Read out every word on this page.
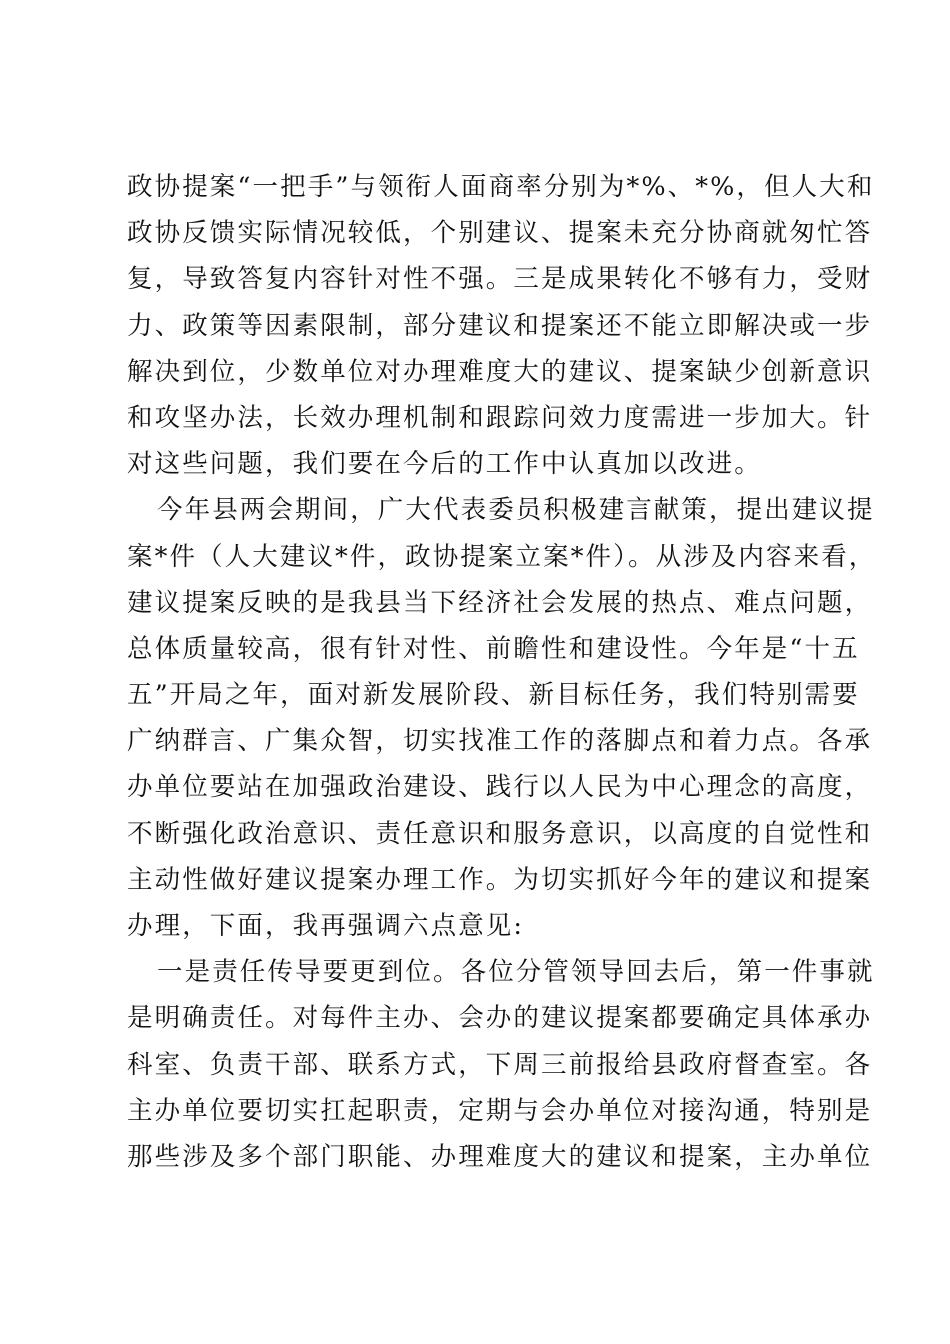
政协提案“一把手”与领衔人面商率分别为*%、*%，但人大和
政协反馈实际情况较低，个别建议、提案未充分协商就匆忙答
复，导致答复内容针对性不强。三是成果转化不够有力，受财
力、政策等因素限制，部分建议和提案还不能立即解决或一步
解决到位，少数单位对办理难度大的建议、提案缺少创新意识
和攻坚办法，长效办理机制和跟踪问效力度需进一步加大。针
对这些问题，我们要在今后的工作中认真加以改进。
今年县两会期间，广大代表委员积极建言献策，提出建议提
案*件（人大建议*件，政协提案立案*件）。从涉及内容来看，
建议提案反映的是我县当下经济社会发展的热点、难点问题，
总体质量较高，很有针对性、前瞻性和建设性。今年是“十五
五”开局之年，面对新发展阶段、新目标任务，我们特别需要
广纳群言、广集众智，切实找准工作的落脚点和着力点。各承
办单位要站在加强政治建设、践行以人民为中心理念的高度，
不断强化政治意识、责任意识和服务意识，以高度的自觉性和
主动性做好建议提案办理工作。为切实抓好今年的建议和提案
办理，下面，我再强调六点意见:
一是责任传导要更到位。各位分管领导回去后，第一件事就
是明确责任。对每件主办、会办的建议提案都要确定具体承办
科室、负责干部、联系方式，下周三前报给县政府督查室。各
主办单位要切实扛起职责，定期与会办单位对接沟通，特别是
那些涉及多个部门职能、办理难度大的建议和提案，主办单位
